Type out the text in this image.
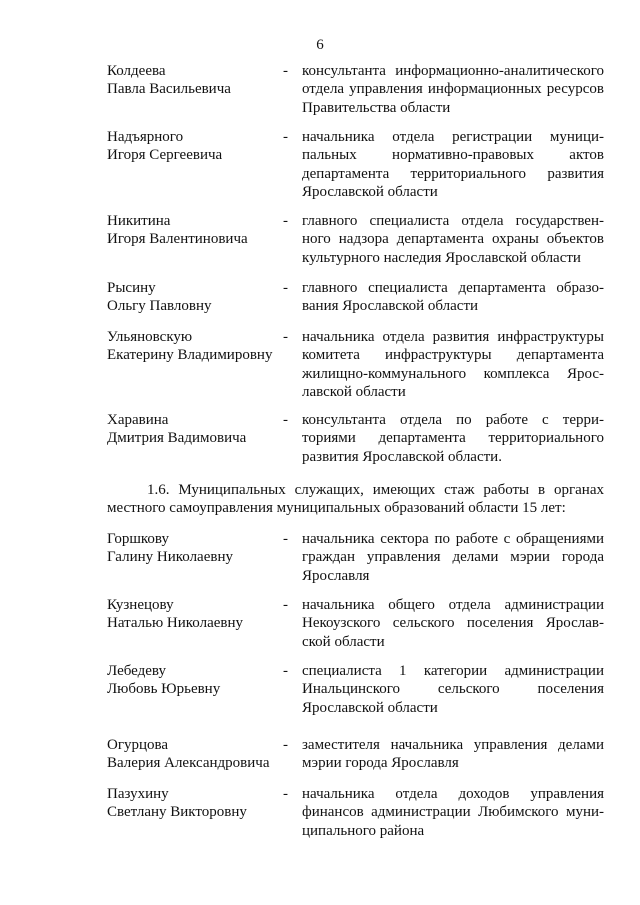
6
Колдеева
Павла Васильевича
- консультанта информационно-аналитического
отдела управления информационных ресурсов
Правительства области
Надъярного
Игоря Сергеевича
- начальника отдела регистрации муници-
пальных нормативно-правовых актов
департамента территориального развития
Ярославской области
Никитина
Игоря Валентиновича
- главного специалиста отдела государствен-
ного надзора департамента охраны объектов
культурного наследия Ярославской области
Рысину
Ольгу Павловну
- главного специалиста департамента образо-
вания Ярославской области
Ульяновскую
Екатерину Владимировну
- начальника отдела развития инфраструктуры
комитета инфраструктуры департамента
жилищно-коммунального комплекса Ярос-
лавской области
Харавина
Дмитрия Вадимовича
- консультанта отдела по работе с терри-
ториями департамента территориального
развития Ярославской области.
1.6. Муниципальных служащих, имеющих стаж работы в органах
местного самоуправления муниципальных образований области 15 лет:
Горшкову
Галину Николаевну
- начальника сектора по работе с обращениями
граждан управления делами мэрии города
Ярославля
Кузнецову
Наталью Николаевну
- начальника общего отдела администрации
Некоузского сельского поселения Ярослав-
ской области
Лебедеву
Любовь Юрьевну
- специалиста 1 категории администрации
Инальцинского сельского поселения
Ярославской области
Огурцова
Валерия Александровича
- заместителя начальника управления делами
мэрии города Ярославля
Пазухину
Светлану Викторовну
- начальника отдела доходов управления
финансов администрации Любимского муни-
ципального района
